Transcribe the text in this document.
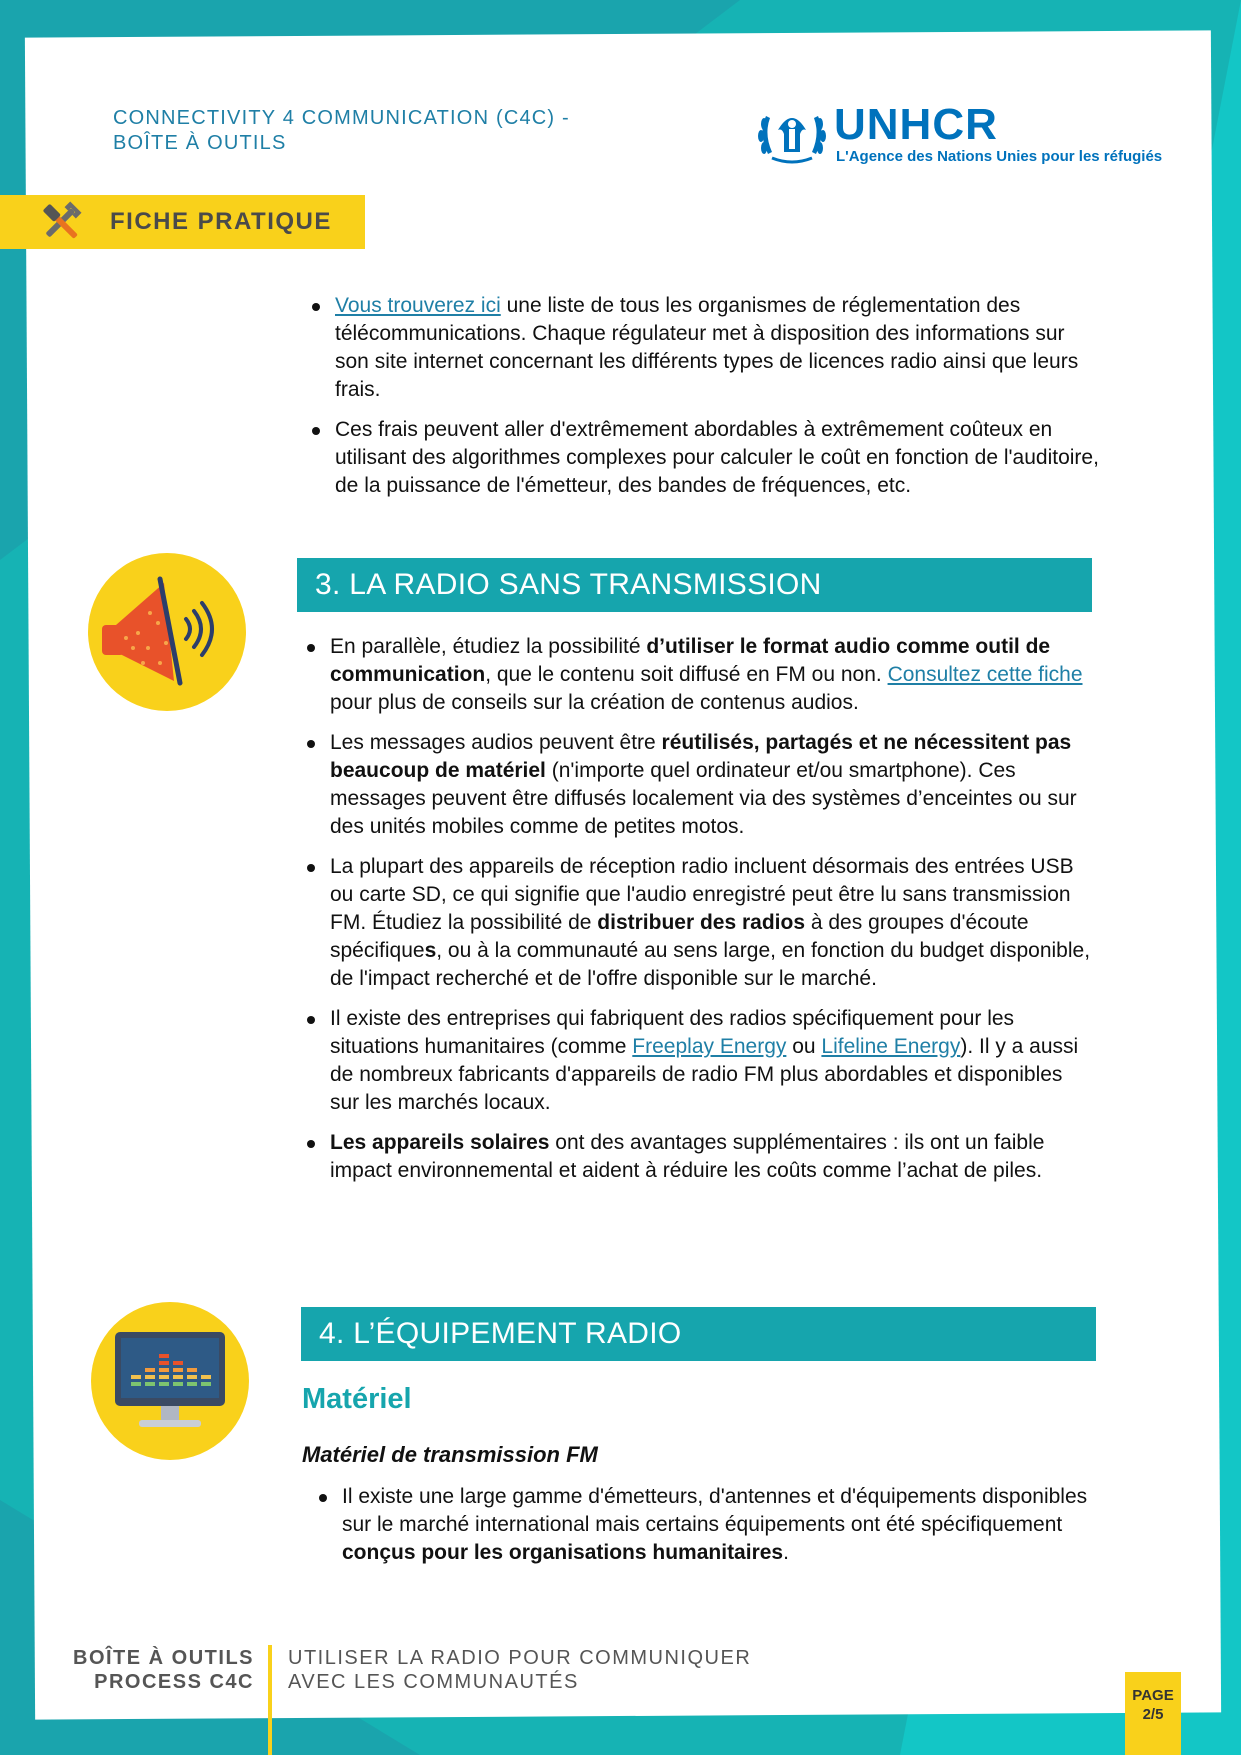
CONNECTIVITY 4 COMMUNICATION (C4C) -
BOÎTE À OUTILS	UNHCR
L'Agence des Nations Unies pour les réfugiés
FICHE PRATIQUE
Vous trouverez ici une liste de tous les organismes de réglementation des télécommunications. Chaque régulateur met à disposition des informations sur son site internet concernant les différents types de licences radio ainsi que leurs frais.
Ces frais peuvent aller d'extrêmement abordables à extrêmement coûteux en utilisant des algorithmes complexes pour calculer le coût en fonction de l'auditoire, de la puissance de l'émetteur, des bandes de fréquences, etc.
3. LA RADIO SANS TRANSMISSION
En parallèle, étudiez la possibilité d’utiliser le format audio comme outil de communication, que le contenu soit diffusé en FM ou non. Consultez cette fiche pour plus de conseils sur la création de contenus audios.
Les messages audios peuvent être réutilisés, partagés et ne nécessitent pas beaucoup de matériel (n'importe quel ordinateur et/ou smartphone). Ces messages peuvent être diffusés localement via des systèmes d’enceintes ou sur des unités mobiles comme de petites motos.
La plupart des appareils de réception radio incluent désormais des entrées USB ou carte SD, ce qui signifie que l'audio enregistré peut être lu sans transmission FM. Étudiez la possibilité de distribuer des radios à des groupes d'écoute spécifiques, ou à la communauté au sens large, en fonction du budget disponible, de l'impact recherché et de l'offre disponible sur le marché.
Il existe des entreprises qui fabriquent des radios spécifiquement pour les situations humanitaires (comme Freeplay Energy ou Lifeline Energy). Il y a aussi de nombreux fabricants d'appareils de radio FM plus abordables et disponibles sur les marchés locaux.
Les appareils solaires ont des avantages supplémentaires : ils ont un faible impact environnemental et aident à réduire les coûts comme l’achat de piles.
4. L’ÉQUIPEMENT RADIO
Matériel
Matériel de transmission FM
Il existe une large gamme d'émetteurs, d'antennes et d'équipements disponibles sur le marché international mais certains équipements ont été spécifiquement conçus pour les organisations humanitaires.
BOÎTE À OUTILS
PROCESS C4C
UTILISER LA RADIO POUR COMMUNIQUER
AVEC LES COMMUNAUTÉS
PAGE
2/5
